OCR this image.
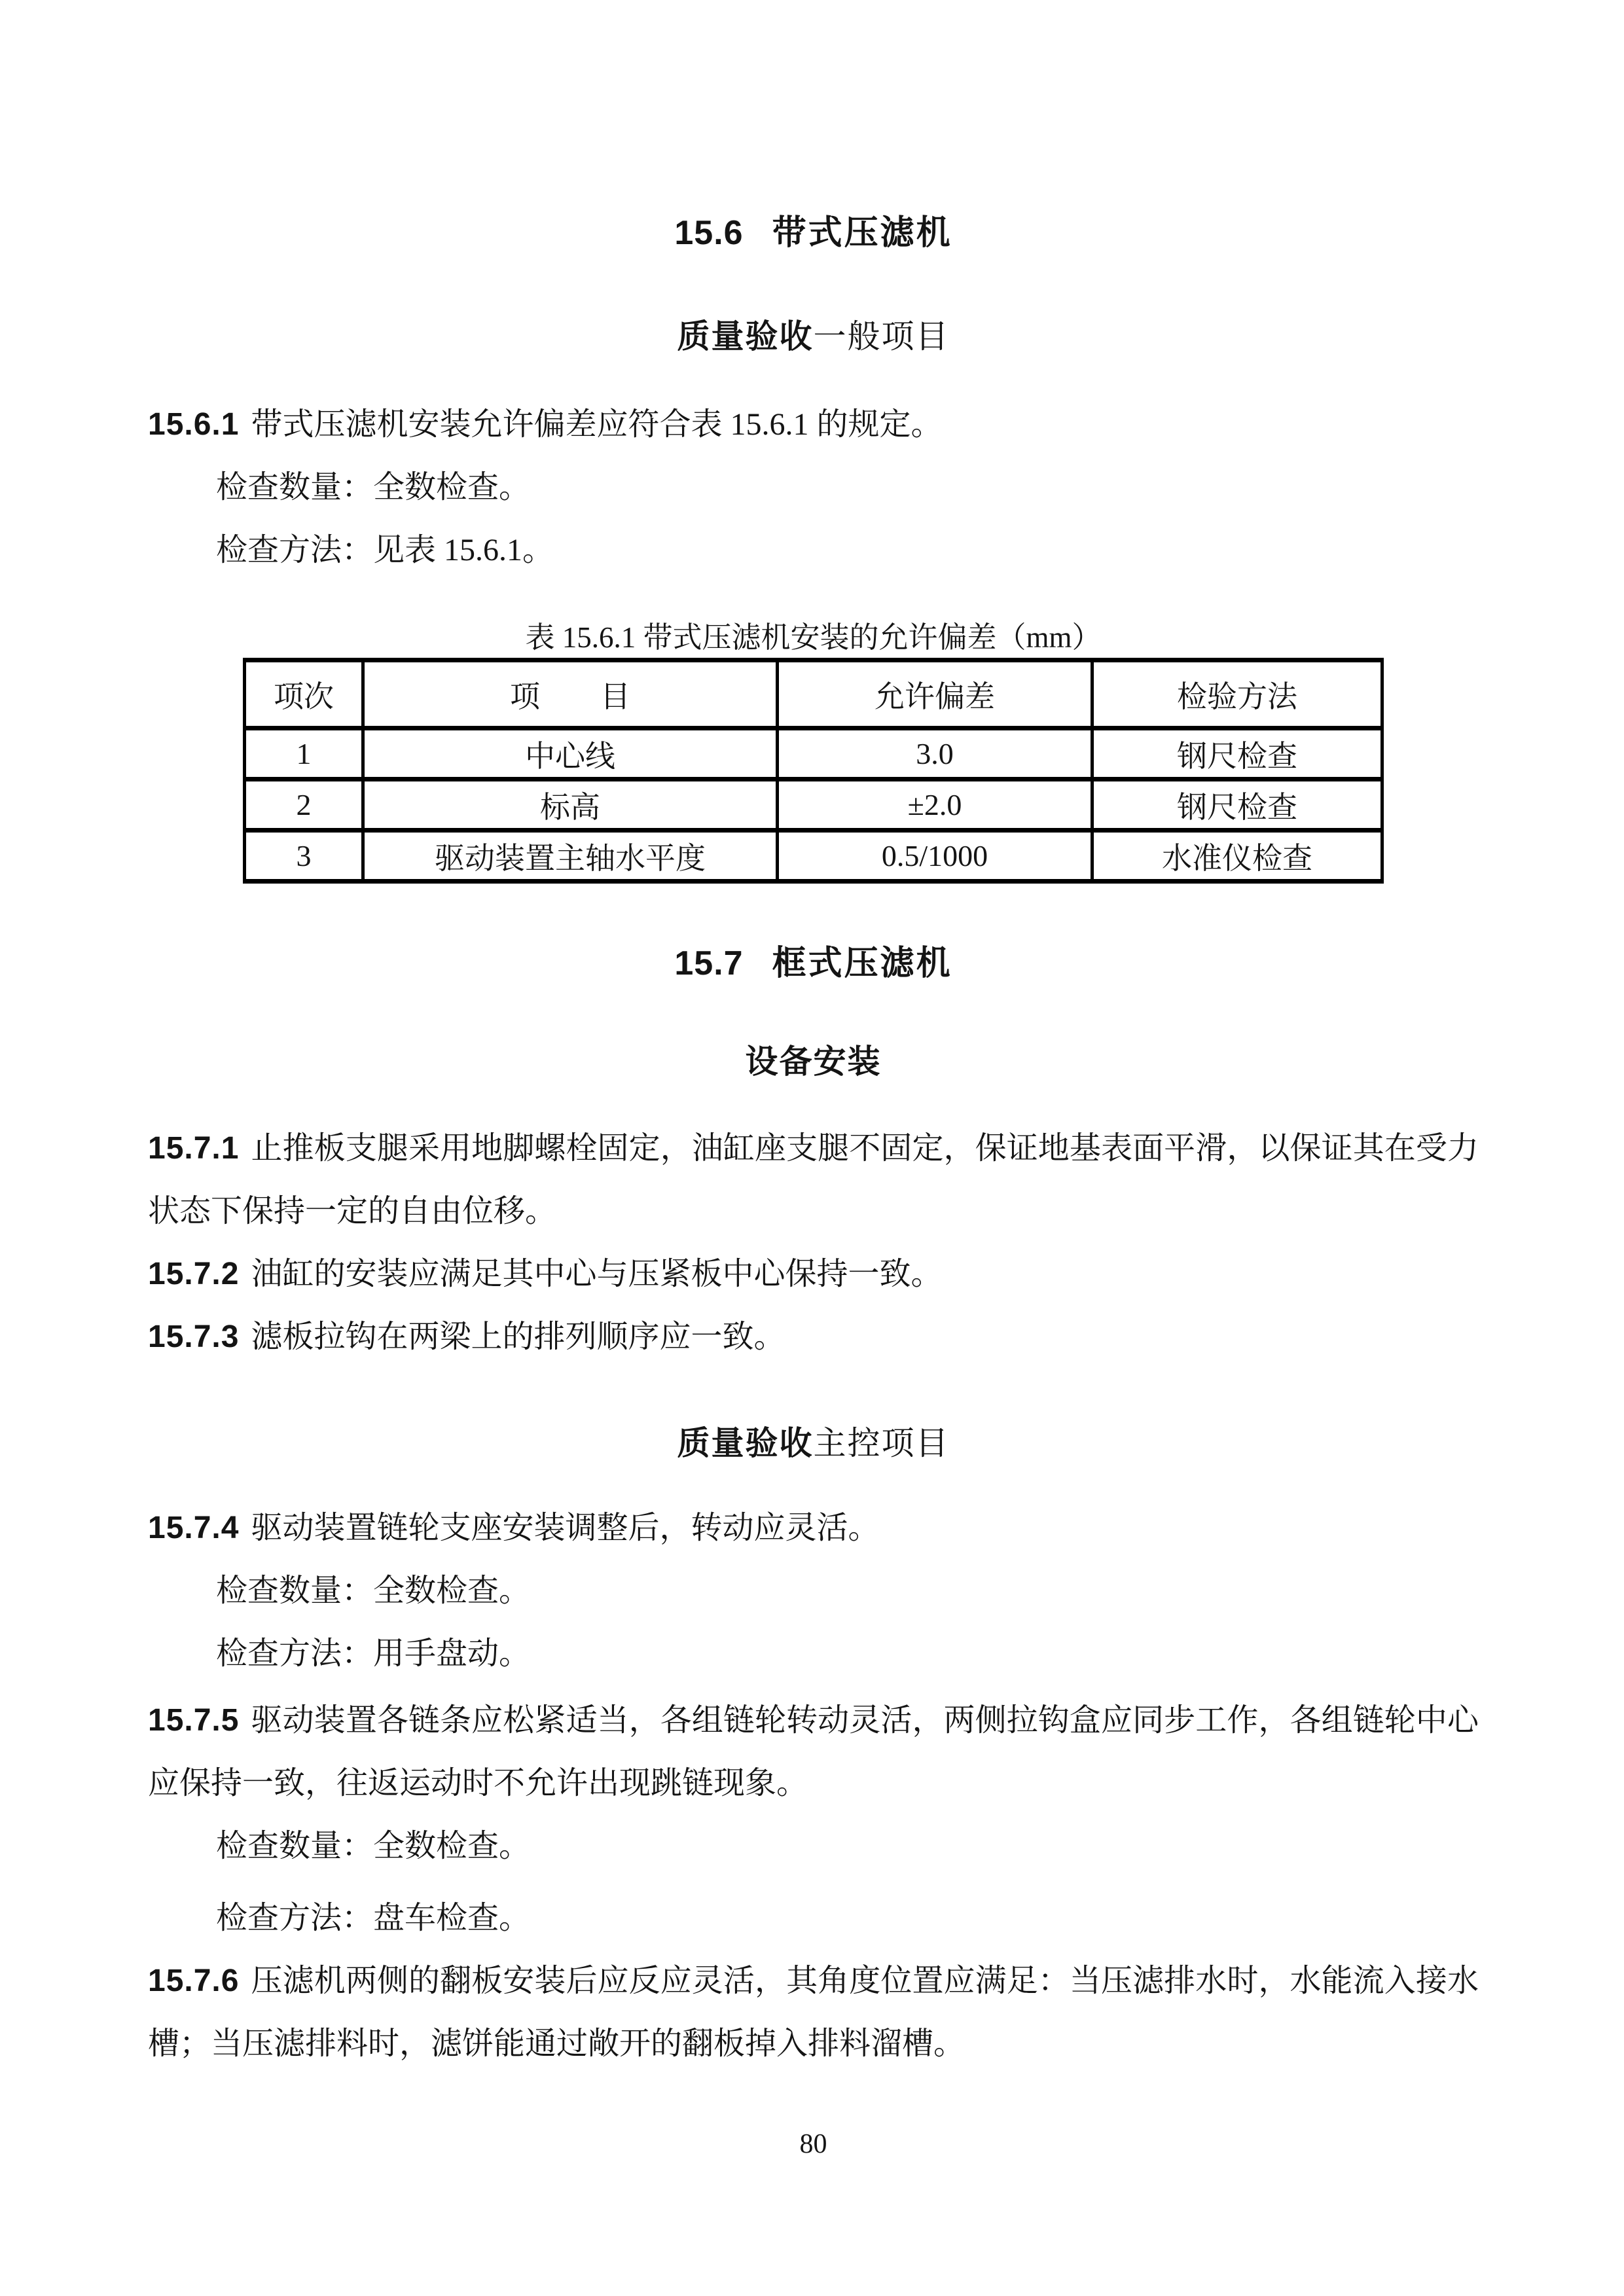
15.6 带式压滤机
质量验收一般项目

15.6.1 带式压滤机安装允许偏差应符合表 15.6.1 的规定。

检查数量：全数检查。

检查方法：见表 15.6.1。

表 15.6.1 带式压滤机安装的允许偏差（mm）
项次	项　　目	允许偏差	检验方法
1	中心线	3.0	钢尺检查
2	标高	±2.0	钢尺检查
3	驱动装置主轴水平度	0.5/1000	水准仪检查
15.7 框式压滤机
设备安装

15.7.1 止推板支腿采用地脚螺栓固定，油缸座支腿不固定，保证地基表面平滑，以保证其在受力状态下保持一定的自由位移。

15.7.2 油缸的安装应满足其中心与压紧板中心保持一致。

15.7.3 滤板拉钩在两梁上的排列顺序应一致。

质量验收主控项目

15.7.4 驱动装置链轮支座安装调整后，转动应灵活。

检查数量：全数检查。

检查方法：用手盘动。

15.7.5 驱动装置各链条应松紧适当，各组链轮转动灵活，两侧拉钩盒应同步工作，各组链轮中心应保持一致，往返运动时不允许出现跳链现象。

检查数量：全数检查。

检查方法：盘车检查。

15.7.6 压滤机两侧的翻板安装后应反应灵活，其角度位置应满足：当压滤排水时，水能流入接水槽；当压滤排料时，滤饼能通过敞开的翻板掉入排料溜槽。

80
